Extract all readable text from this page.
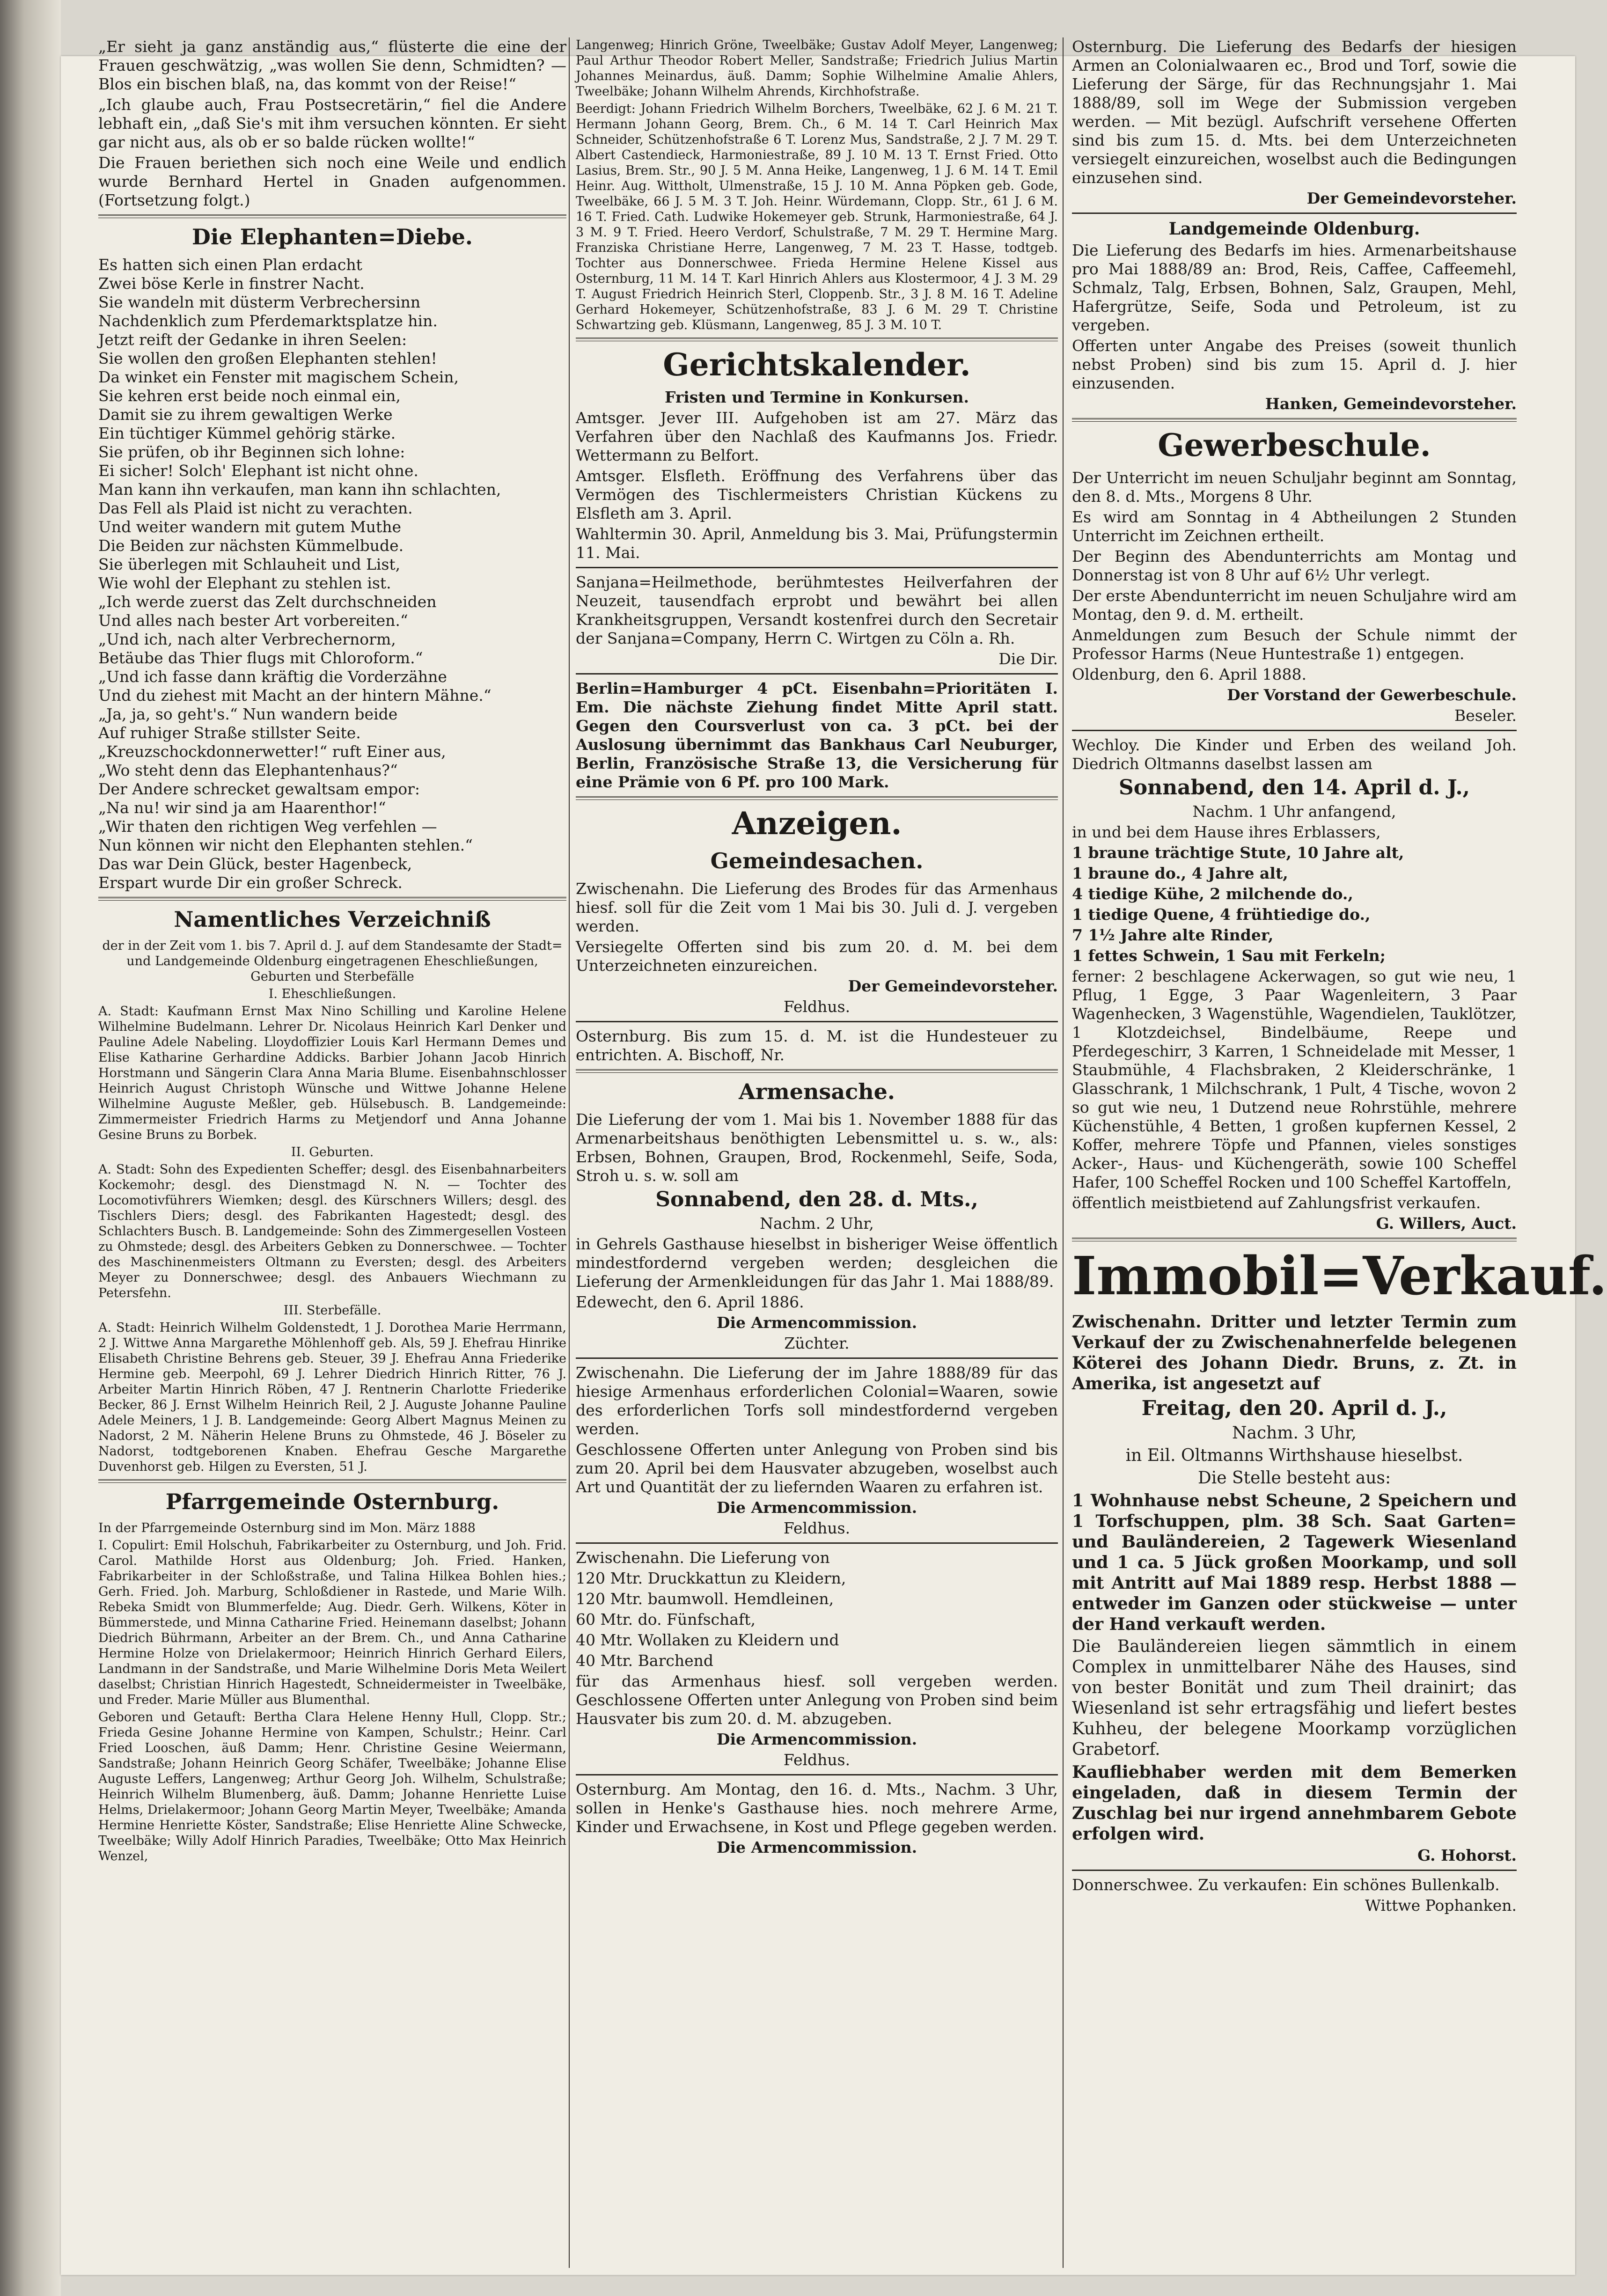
„Er sieht ja ganz anständig aus,“ flüsterte die eine der Frauen geschwätzig, „was wollen Sie denn, Schmidten? — Blos ein bischen blaß, na, das kommt von der Reise!“

„Ich glaube auch, Frau Postsecretärin,“ fiel die Andere lebhaft ein, „daß Sie's mit ihm versuchen könnten. Er sieht gar nicht aus, als ob er so balde rücken wollte!“

Die Frauen beriethen sich noch eine Weile und endlich wurde Bernhard Hertel in Gnaden aufgenommen. (Fortsetzung folgt.)

Die Elephanten=Diebe.

Es hatten sich einen Plan erdacht

Zwei böse Kerle in finstrer Nacht.

Sie wandeln mit düsterm Verbrechersinn

Nachdenklich zum Pferdemarktsplatze hin.

Jetzt reift der Gedanke in ihren Seelen:

Sie wollen den großen Elephanten stehlen!

Da winket ein Fenster mit magischem Schein,

Sie kehren erst beide noch einmal ein,

Damit sie zu ihrem gewaltigen Werke

Ein tüchtiger Kümmel gehörig stärke.

Sie prüfen, ob ihr Beginnen sich lohne:

Ei sicher! Solch' Elephant ist nicht ohne.

Man kann ihn verkaufen, man kann ihn schlachten,

Das Fell als Plaid ist nicht zu verachten.

Und weiter wandern mit gutem Muthe

Die Beiden zur nächsten Kümmelbude.

Sie überlegen mit Schlauheit und List,

Wie wohl der Elephant zu stehlen ist.

„Ich werde zuerst das Zelt durchschneiden

Und alles nach bester Art vorbereiten.“

„Und ich, nach alter Verbrechernorm,

Betäube das Thier flugs mit Chloroform.“

„Und ich fasse dann kräftig die Vorderzähne

Und du ziehest mit Macht an der hintern Mähne.“

„Ja, ja, so geht's.“ Nun wandern beide

Auf ruhiger Straße stillster Seite.

„Kreuzschockdonnerwetter!“ ruft Einer aus,

„Wo steht denn das Elephantenhaus?“

Der Andere schrecket gewaltsam empor:

„Na nu! wir sind ja am Haarenthor!“

„Wir thaten den richtigen Weg verfehlen —

Nun können wir nicht den Elephanten stehlen.“

Das war Dein Glück, bester Hagenbeck,

Erspart wurde Dir ein großer Schreck.

Namentliches Verzeichniß

der in der Zeit vom 1. bis 7. April d. J. auf dem Standesamte der Stadt= und Landgemeinde Oldenburg eingetragenen Eheschließungen, Geburten und Sterbefälle

I. Eheschließungen.

A. Stadt: Kaufmann Ernst Max Nino Schilling und Karoline Helene Wilhelmine Budelmann. Lehrer Dr. Nicolaus Heinrich Karl Denker und Pauline Adele Nabeling. Lloydoffizier Louis Karl Hermann Demes und Elise Katharine Gerhardine Addicks. Barbier Johann Jacob Hinrich Horstmann und Sängerin Clara Anna Maria Blume. Eisenbahnschlosser Heinrich August Christoph Wünsche und Wittwe Johanne Helene Wilhelmine Auguste Meßler, geb. Hülsebusch. B. Landgemeinde: Zimmermeister Friedrich Harms zu Metjendorf und Anna Johanne Gesine Bruns zu Borbek.

II. Geburten.

A. Stadt: Sohn des Expedienten Scheffer; desgl. des Eisenbahnarbeiters Kockemohr; desgl. des Dienstmagd N. N. — Tochter des Locomotivführers Wiemken; desgl. des Kürschners Willers; desgl. des Tischlers Diers; desgl. des Fabrikanten Hagestedt; desgl. des Schlachters Busch. B. Landgemeinde: Sohn des Zimmergesellen Vosteen zu Ohmstede; desgl. des Arbeiters Gebken zu Donnerschwee. — Tochter des Maschinenmeisters Oltmann zu Eversten; desgl. des Arbeiters Meyer zu Donnerschwee; desgl. des Anbauers Wiechmann zu Petersfehn.

III. Sterbefälle.

A. Stadt: Heinrich Wilhelm Goldenstedt, 1 J. Dorothea Marie Herrmann, 2 J. Wittwe Anna Margarethe Möhlenhoff geb. Als, 59 J. Ehefrau Hinrike Elisabeth Christine Behrens geb. Steuer, 39 J. Ehefrau Anna Friederike Hermine geb. Meerpohl, 69 J. Lehrer Diedrich Hinrich Ritter, 76 J. Arbeiter Martin Hinrich Röben, 47 J. Rentnerin Charlotte Friederike Becker, 86 J. Ernst Wilhelm Heinrich Reil, 2 J. Auguste Johanne Pauline Adele Meiners, 1 J. B. Landgemeinde: Georg Albert Magnus Meinen zu Nadorst, 2 M. Näherin Helene Bruns zu Ohmstede, 46 J. Böseler zu Nadorst, todtgeborenen Knaben. Ehefrau Gesche Margarethe Duvenhorst geb. Hilgen zu Eversten, 51 J.

Pfarrgemeinde Osternburg.

In der Pfarrgemeinde Osternburg sind im Mon. März 1888

I. Copulirt: Emil Holschuh, Fabrikarbeiter zu Osternburg, und Joh. Frid. Carol. Mathilde Horst aus Oldenburg; Joh. Fried. Hanken, Fabrikarbeiter in der Schloßstraße, und Talina Hilkea Bohlen hies.; Gerh. Fried. Joh. Marburg, Schloßdiener in Rastede, und Marie Wilh. Rebeka Smidt von Blummerfelde; Aug. Diedr. Gerh. Wilkens, Köter in Bümmerstede, und Minna Catharine Fried. Heinemann daselbst; Johann Diedrich Bührmann, Arbeiter an der Brem. Ch., und Anna Catharine Hermine Holze von Drielakermoor; Heinrich Hinrich Gerhard Eilers, Landmann in der Sandstraße, und Marie Wilhelmine Doris Meta Weilert daselbst; Christian Hinrich Hagestedt, Schneidermeister in Tweelbäke, und Freder. Marie Müller aus Blumenthal.

Geboren und Getauft: Bertha Clara Helene Henny Hull, Clopp. Str.; Frieda Gesine Johanne Hermine von Kampen, Schulstr.; Heinr. Carl Fried Looschen, äuß Damm; Henr. Christine Gesine Weiermann, Sandstraße; Johann Heinrich Georg Schäfer, Tweelbäke; Johanne Elise Auguste Leffers, Langenweg; Arthur Georg Joh. Wilhelm, Schulstraße; Heinrich Wilhelm Blumenberg, äuß. Damm; Johanne Henriette Luise Helms, Drielakermoor; Johann Georg Martin Meyer, Tweelbäke; Amanda Hermine Henriette Köster, Sandstraße; Elise Henriette Aline Schwecke, Tweelbäke; Willy Adolf Hinrich Paradies, Tweelbäke; Otto Max Heinrich Wenzel,

Langenweg; Hinrich Gröne, Tweelbäke; Gustav Adolf Meyer, Langenweg; Paul Arthur Theodor Robert Meller, Sandstraße; Friedrich Julius Martin Johannes Meinardus, äuß. Damm; Sophie Wilhelmine Amalie Ahlers, Tweelbäke; Johann Wilhelm Ahrends, Kirchhofstraße.

Beerdigt: Johann Friedrich Wilhelm Borchers, Tweelbäke, 62 J. 6 M. 21 T. Hermann Johann Georg, Brem. Ch., 6 M. 14 T. Carl Heinrich Max Schneider, Schützenhofstraße 6 T. Lorenz Mus, Sandstraße, 2 J. 7 M. 29 T. Albert Castendieck, Harmoniestraße, 89 J. 10 M. 13 T. Ernst Fried. Otto Lasius, Brem. Str., 90 J. 5 M. Anna Heike, Langenweg, 1 J. 6 M. 14 T. Emil Heinr. Aug. Wittholt, Ulmenstraße, 15 J. 10 M. Anna Pöpken geb. Gode, Tweelbäke, 66 J. 5 M. 3 T. Joh. Heinr. Würdemann, Clopp. Str., 61 J. 6 M. 16 T. Fried. Cath. Ludwike Hokemeyer geb. Strunk, Harmoniestraße, 64 J. 3 M. 9 T. Fried. Heero Verdorf, Schulstraße, 7 M. 29 T. Hermine Marg. Franziska Christiane Herre, Langenweg, 7 M. 23 T. Hasse, todtgeb. Tochter aus Donnerschwee. Frieda Hermine Helene Kissel aus Osternburg, 11 M. 14 T. Karl Hinrich Ahlers aus Klostermoor, 4 J. 3 M. 29 T. August Friedrich Heinrich Sterl, Cloppenb. Str., 3 J. 8 M. 16 T. Adeline Gerhard Hokemeyer, Schützenhofstraße, 83 J. 6 M. 29 T. Christine Schwartzing geb. Klüsmann, Langenweg, 85 J. 3 M. 10 T.

Gerichtskalender.

Fristen und Termine in Konkursen.

Amtsger. Jever III. Aufgehoben ist am 27. März das Verfahren über den Nachlaß des Kaufmanns Jos. Friedr. Wettermann zu Belfort.

Amtsger. Elsfleth. Eröffnung des Verfahrens über das Vermögen des Tischlermeisters Christian Kückens zu Elsfleth am 3. April.

Wahltermin 30. April, Anmeldung bis 3. Mai, Prüfungstermin 11. Mai.

Sanjana=Heilmethode, berühmtestes Heilverfahren der Neuzeit, tausendfach erprobt und bewährt bei allen Krankheitsgruppen, Versandt kostenfrei durch den Secretair der Sanjana=Company, Herrn C. Wirtgen zu Cöln a. Rh.

Die Dir.

Berlin=Hamburger 4 pCt. Eisenbahn=Prioritäten I. Em. Die nächste Ziehung findet Mitte April statt. Gegen den Coursverlust von ca. 3 pCt. bei der Auslosung übernimmt das Bankhaus Carl Neuburger, Berlin, Französische Straße 13, die Versicherung für eine Prämie von 6 Pf. pro 100 Mark.

Anzeigen.
Gemeindesachen.

Zwischenahn. Die Lieferung des Brodes für das Armenhaus hiesf. soll für die Zeit vom 1 Mai bis 30. Juli d. J. vergeben werden.

Versiegelte Offerten sind bis zum 20. d. M. bei dem Unterzeichneten einzureichen.

Der Gemeindevorsteher.

Feldhus.

Osternburg. Bis zum 15. d. M. ist die Hundesteuer zu entrichten. A. Bischoff, Nr.

Armensache.

Die Lieferung der vom 1. Mai bis 1. November 1888 für das Armenarbeitshaus benöthigten Lebensmittel u. s. w., als: Erbsen, Bohnen, Graupen, Brod, Rockenmehl, Seife, Soda, Stroh u. s. w. soll am

Sonnabend, den 28. d. Mts.,

Nachm. 2 Uhr,

in Gehrels Gasthause hieselbst in bisheriger Weise öffentlich mindestfordernd vergeben werden; desgleichen die Lieferung der Armenkleidungen für das Jahr 1. Mai 1888/89.

Edewecht, den 6. April 1886.

Die Armencommission.

Züchter.

Zwischenahn. Die Lieferung der im Jahre 1888/89 für das hiesige Armenhaus erforderlichen Colonial=Waaren, sowie des erforderlichen Torfs soll mindestfordernd vergeben werden.

Geschlossene Offerten unter Anlegung von Proben sind bis zum 20. April bei dem Hausvater abzugeben, woselbst auch Art und Quantität der zu liefernden Waaren zu erfahren ist.

Die Armencommission.

Feldhus.

Zwischenahn. Die Lieferung von

120 Mtr. Druckkattun zu Kleidern,

120 Mtr. baumwoll. Hemdleinen,

60 Mtr. do. Fünfschaft,

40 Mtr. Wollaken zu Kleidern und

40 Mtr. Barchend

für das Armenhaus hiesf. soll vergeben werden. Geschlossene Offerten unter Anlegung von Proben sind beim Hausvater bis zum 20. d. M. abzugeben.

Die Armencommission.

Feldhus.

Osternburg. Am Montag, den 16. d. Mts., Nachm. 3 Uhr, sollen in Henke's Gasthause hies. noch mehrere Arme, Kinder und Erwachsene, in Kost und Pflege gegeben werden.

Die Armencommission.

Osternburg. Die Lieferung des Bedarfs der hiesigen Armen an Colonialwaaren ec., Brod und Torf, sowie die Lieferung der Särge, für das Rechnungsjahr 1. Mai 1888/89, soll im Wege der Submission vergeben werden. — Mit bezügl. Aufschrift versehene Offerten sind bis zum 15. d. Mts. bei dem Unterzeichneten versiegelt einzureichen, woselbst auch die Bedingungen einzusehen sind.

Der Gemeindevorsteher.

Landgemeinde Oldenburg.

Die Lieferung des Bedarfs im hies. Armenarbeitshause pro Mai 1888/89 an: Brod, Reis, Caffee, Caffeemehl, Schmalz, Talg, Erbsen, Bohnen, Salz, Graupen, Mehl, Hafergrütze, Seife, Soda und Petroleum, ist zu vergeben.

Offerten unter Angabe des Preises (soweit thunlich nebst Proben) sind bis zum 15. April d. J. hier einzusenden.

Hanken, Gemeindevorsteher.

Gewerbeschule.

Der Unterricht im neuen Schuljahr beginnt am Sonntag, den 8. d. Mts., Morgens 8 Uhr.

Es wird am Sonntag in 4 Abtheilungen 2 Stunden Unterricht im Zeichnen ertheilt.

Der Beginn des Abendunterrichts am Montag und Donnerstag ist von 8 Uhr auf 6½ Uhr verlegt.

Der erste Abendunterricht im neuen Schuljahre wird am Montag, den 9. d. M. ertheilt.

Anmeldungen zum Besuch der Schule nimmt der Professor Harms (Neue Huntestraße 1) entgegen.

Oldenburg, den 6. April 1888.

Der Vorstand der Gewerbeschule.

Beseler.

Wechloy. Die Kinder und Erben des weiland Joh. Diedrich Oltmanns daselbst lassen am

Sonnabend, den 14. April d. J.,

Nachm. 1 Uhr anfangend,

in und bei dem Hause ihres Erblassers,

1 braune trächtige Stute, 10 Jahre alt,

1 braune do., 4 Jahre alt,

4 tiedige Kühe, 2 milchende do.,

1 tiedige Quene, 4 frühtiedige do.,

7 1½ Jahre alte Rinder,

1 fettes Schwein, 1 Sau mit Ferkeln;

ferner: 2 beschlagene Ackerwagen, so gut wie neu, 1 Pflug, 1 Egge, 3 Paar Wagenleitern, 3 Paar Wagenhecken, 3 Wagenstühle, Wagendielen, Tauklötzer, 1 Klotzdeichsel, Bindelbäume, Reepe und Pferdegeschirr, 3 Karren, 1 Schneidelade mit Messer, 1 Staubmühle, 4 Flachsbraken, 2 Kleiderschränke, 1 Glasschrank, 1 Milchschrank, 1 Pult, 4 Tische, wovon 2 so gut wie neu, 1 Dutzend neue Rohrstühle, mehrere Küchenstühle, 4 Betten, 1 großen kupfernen Kessel, 2 Koffer, mehrere Töpfe und Pfannen, vieles sonstiges Acker-, Haus- und Küchengeräth, sowie 100 Scheffel Hafer, 100 Scheffel Rocken und 100 Scheffel Kartoffeln,

öffentlich meistbietend auf Zahlungsfrist verkaufen.

G. Willers, Auct.

Immobil=Verkauf.

Zwischenahn. Dritter und letzter Termin zum Verkauf der zu Zwischenahnerfelde belegenen Köterei des Johann Diedr. Bruns, z. Zt. in Amerika, ist angesetzt auf

Freitag, den 20. April d. J.,

Nachm. 3 Uhr,

in Eil. Oltmanns Wirthshause hieselbst.

Die Stelle besteht aus:

1 Wohnhause nebst Scheune, 2 Speichern und 1 Torfschuppen, plm. 38 Sch. Saat Garten= und Bauländereien, 2 Tagewerk Wiesenland und 1 ca. 5 Jück großen Moorkamp, und soll mit Antritt auf Mai 1889 resp. Herbst 1888 — entweder im Ganzen oder stückweise — unter der Hand verkauft werden.

Die Bauländereien liegen sämmtlich in einem Complex in unmittelbarer Nähe des Hauses, sind von bester Bonität und zum Theil drainirt; das Wiesenland ist sehr ertragsfähig und liefert bestes Kuhheu, der belegene Moorkamp vorzüglichen Grabetorf.

Kaufliebhaber werden mit dem Bemerken eingeladen, daß in diesem Termin der Zuschlag bei nur irgend annehmbarem Gebote erfolgen wird.

G. Hohorst.

Donnerschwee. Zu verkaufen: Ein schönes Bullenkalb.

Wittwe Pophanken.
